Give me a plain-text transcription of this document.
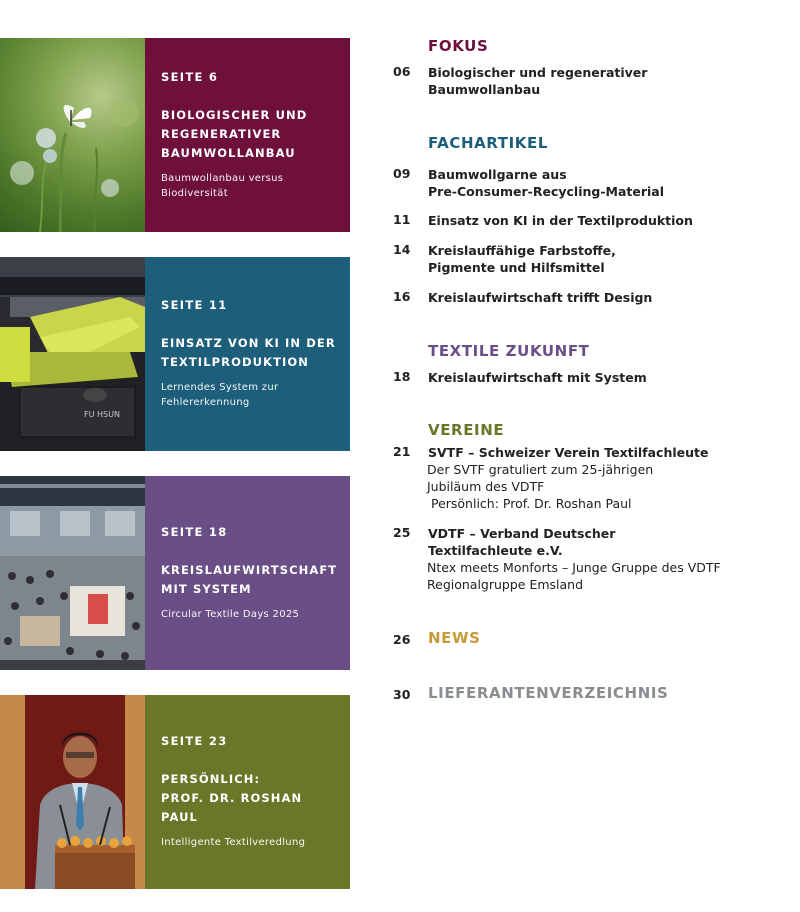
SEITE 6
BIOLOGISCHER UND
REGENERATIVER
BAUMWOLLANBAU
Baumwollanbau versus
Biodiversität
FU HSUN
SEITE 11
EINSATZ VON KI IN DER
TEXTILPRODUKTION
Lernendes System zur
Fehlererkennung
SEITE 18
KREISLAUFWIRTSCHAFT
MIT SYSTEM
Circular Textile Days 2025
SEITE 23
PERSÖNLICH:
PROF. DR. ROSHAN PAUL
Intelligente Textilveredlung
FOKUS
06 Biologischer und regenerativer
Baumwollanbau
FACHARTIKEL
09 Baumwollgarne aus
Pre-Consumer-Recycling-Material
11 Einsatz von KI in der Textilproduktion
14 Kreislauffähige Farbstoffe,
Pigmente und Hilfsmittel
16 Kreislaufwirtschaft trifft Design
TEXTILE ZUKUNFT
18 Kreislaufwirtschaft mit System
VEREINE
21 SVTF – Schweizer Verein Textilfachleute
Der SVTF gratuliert zum 25-jährigen
Jubiläum des VDTF
Persönlich: Prof. Dr. Roshan Paul
25 VDTF – Verband Deutscher
Textilfachleute e.V.
Ntex meets Monforts – Junge Gruppe des VDTF
Regionalgruppe Emsland
26 NEWS
30 LIEFERANTENVERZEICHNIS
